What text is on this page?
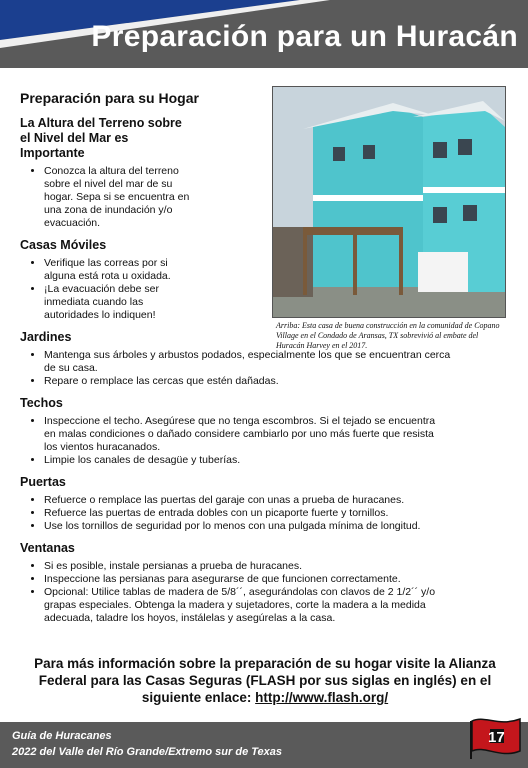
Preparación para un Huracán
Arriba: Esta casa de buena construcción en la comunidad de Copano Village en el Condado de Aransas, TX sobrevivió al embate del Huracán Harvey en el 2017.
Preparación para su Hogar
La Altura del Terreno sobre el Nivel del Mar es Importante
• Conozca la altura del terreno sobre el nivel del mar de su hogar. Sepa si se encuentra en una zona de inundación y/o evacuación.
Casas Móviles
• Verifique las correas por si alguna está rota u oxidada.
• ¡La evacuación debe ser inmediata cuando las autoridades lo indiquen!
Jardines
• Mantenga sus árboles y arbustos podados, especialmente los que se encuentran cerca de su casa.
• Repare o remplace las cercas que estén dañadas.
Techos
• Inspeccione el techo. Asegúrese que no tenga escombros. Si el tejado se encuentra en malas condiciones o dañado considere cambiarlo por uno más fuerte que resista los vientos huracanados.
• Limpie los canales de desagüe y tuberías.
Puertas
• Refuerce o remplace las puertas del garaje con unas a prueba de huracanes.
• Refuerce las puertas de entrada dobles con un picaporte fuerte y tornillos.
• Use los tornillos de seguridad por lo menos con una pulgada mínima de longitud.
Ventanas
• Si es posible, instale persianas a prueba de huracanes.
• Inspeccione las persianas para asegurarse de que funcionen correctamente.
• Opcional: Utilice tablas de madera de 5/8´´, asegurándolas con clavos de 2 1/2´´ y/o grapas especiales. Obtenga la madera y sujetadores, corte la madera a la medida adecuada, taladre los hoyos, instálelas y asegúrelas a la casa.
Para más información sobre la preparación de su hogar visite la Alianza Federal para las Casas Seguras (FLASH por sus siglas en inglés) en el siguiente enlace: http://www.flash.org/
Guía de Huracanes
2022 del Valle del Río Grande/Extremo sur de Texas
17
